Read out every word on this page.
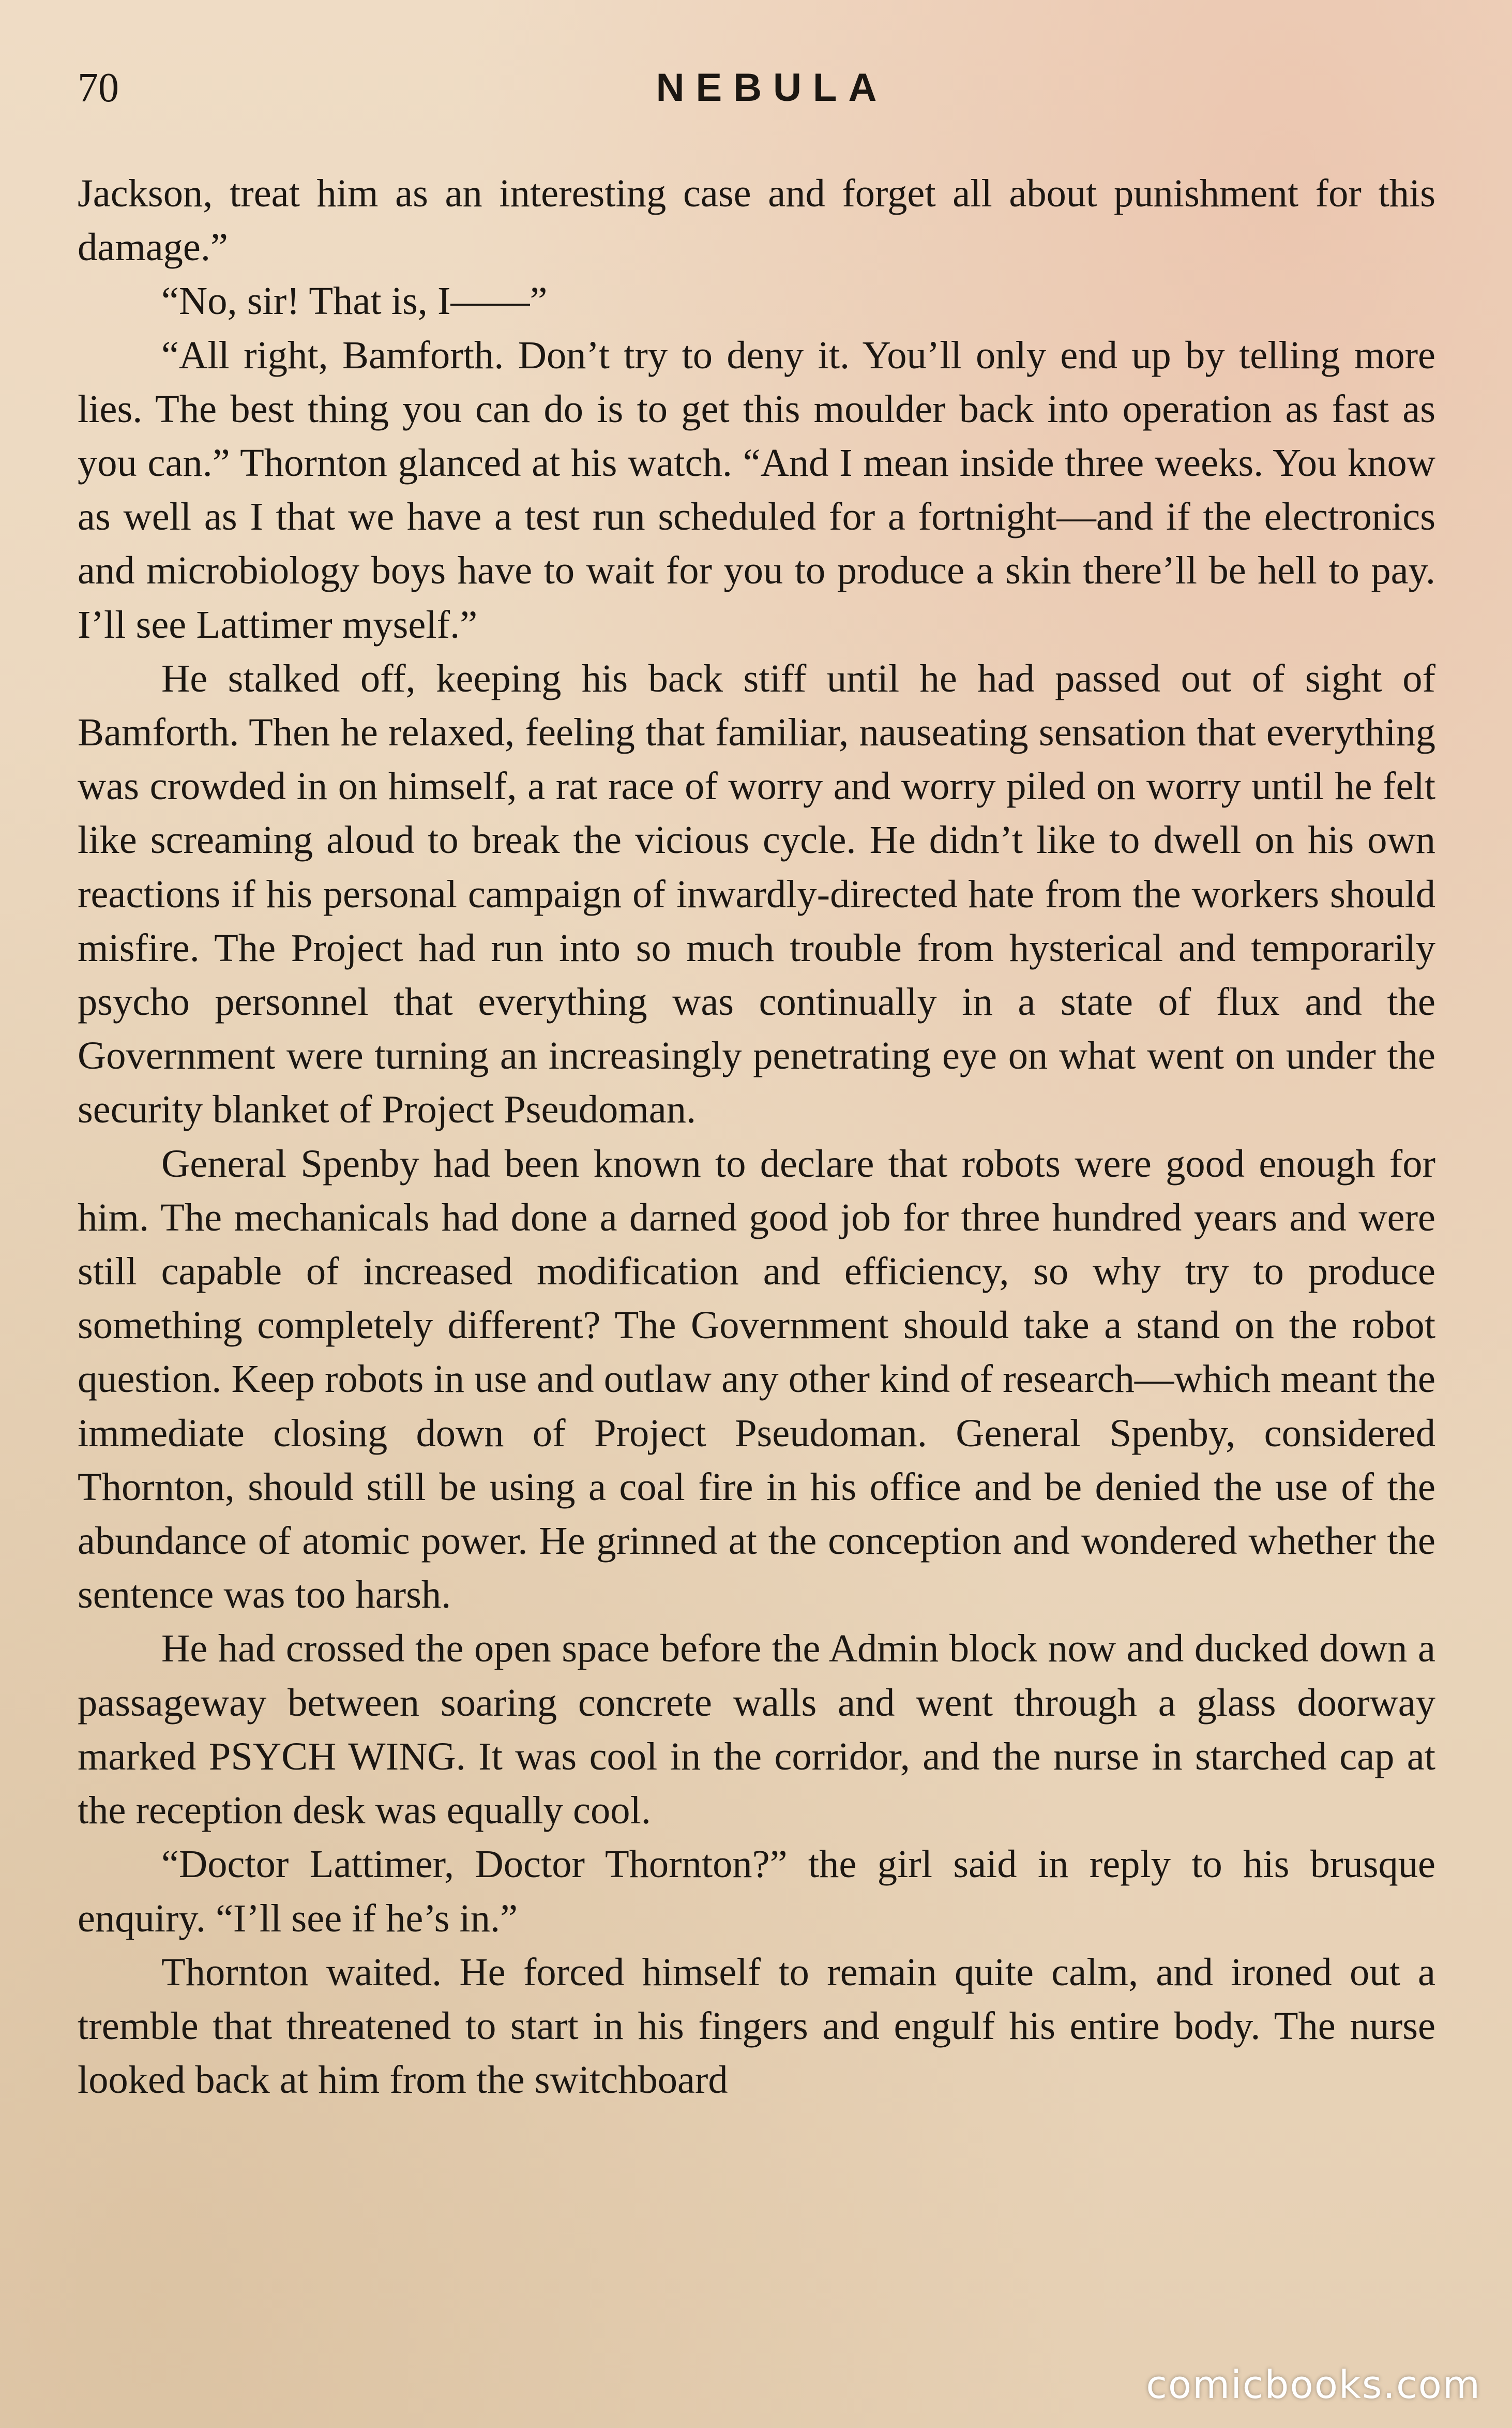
70	NEBULA

Jackson, treat him as an interesting case and forget all about punishment for this damage.”

“No, sir! That is, I——”

“All right, Bamforth. Don’t try to deny it. You’ll only end up by telling more lies. The best thing you can do is to get this moulder back into operation as fast as you can.” Thornton glanced at his watch. “And I mean inside three weeks. You know as well as I that we have a test run scheduled for a fortnight—and if the electronics and microbiology boys have to wait for you to produce a skin there’ll be hell to pay. I’ll see Lattimer myself.”

He stalked off, keeping his back stiff until he had passed out of sight of Bamforth. Then he relaxed, feeling that familiar, nauseating sensation that everything was crowded in on himself, a rat race of worry and worry piled on worry until he felt like screaming aloud to break the vicious cycle. He didn’t like to dwell on his own reactions if his personal campaign of inwardly-directed hate from the workers should misfire. The Project had run into so much trouble from hysterical and temporarily psycho personnel that everything was continually in a state of flux and the Government were turning an increasingly penetrating eye on what went on under the security blanket of Project Pseudoman.

General Spenby had been known to declare that robots were good enough for him. The mechanicals had done a darned good job for three hundred years and were still capable of increased modification and efficiency, so why try to produce something completely different? The Government should take a stand on the robot question. Keep robots in use and outlaw any other kind of research—which meant the immediate closing down of Project Pseudoman. General Spenby, considered Thornton, should still be using a coal fire in his office and be denied the use of the abundance of atomic power. He grinned at the conception and wondered whether the sentence was too harsh.

He had crossed the open space before the Admin block now and ducked down a passageway between soaring concrete walls and went through a glass doorway marked PSYCH WING. It was cool in the corridor, and the nurse in starched cap at the reception desk was equally cool.

“Doctor Lattimer, Doctor Thornton?” the girl said in reply to his brusque enquiry. “I’ll see if he’s in.”

Thornton waited. He forced himself to remain quite calm, and ironed out a tremble that threatened to start in his fingers and engulf his entire body. The nurse looked back at him from the switchboard

comicbooks.com
